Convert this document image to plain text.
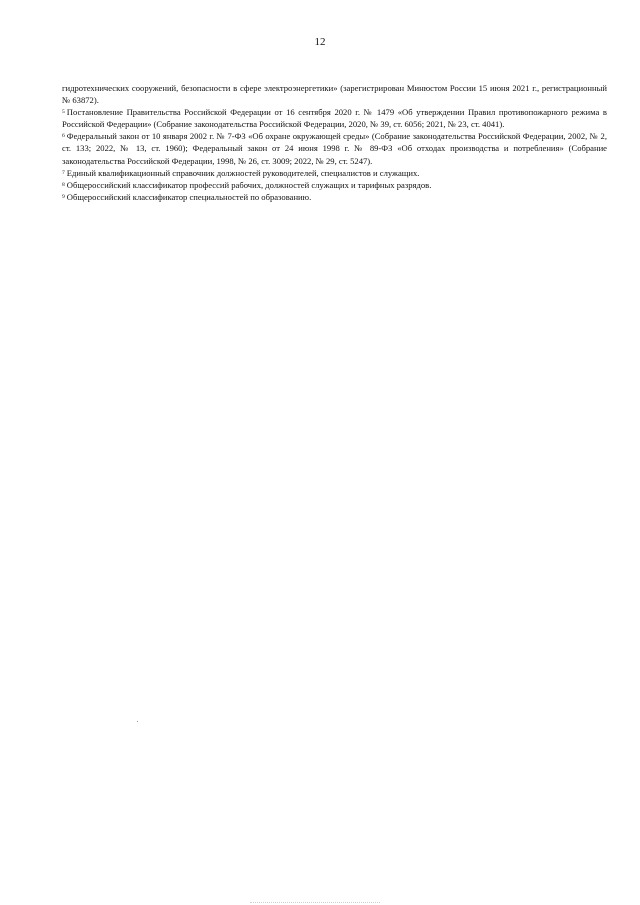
12

гидротехнических сооружений, безопасности в сфере электроэнергетики» (зарегистрирован Минюстом России 15 июня 2021 г., регистрационный № 63872).

$^5$ Постановление Правительства Российской Федерации от 16 сентября 2020 г. № 1479 «Об утверждении Правил противопожарного режима в Российской Федерации» (Собрание законодательства Российской Федерации, 2020, № 39, ст. 6056; 2021, № 23, ст. 4041).

$^6$ Федеральный закон от 10 января 2002 г. № 7-ФЗ «Об охране окружающей среды» (Собрание законодательства Российской Федерации, 2002, № 2, ст. 133; 2022, № 13, ст. 1960); Федеральный закон от 24 июня 1998 г. № 89-ФЗ «Об отходах производства и потребления» (Собрание законодательства Российской Федерации, 1998, № 26, ст. 3009; 2022, № 29, ст. 5247).

$^7$ Единый квалификационный справочник должностей руководителей, специалистов и служащих.

$^8$ Общероссийский классификатор профессий рабочих, должностей служащих и тарифных разрядов.

$^9$ Общероссийский классификатор специальностей по образованию.
